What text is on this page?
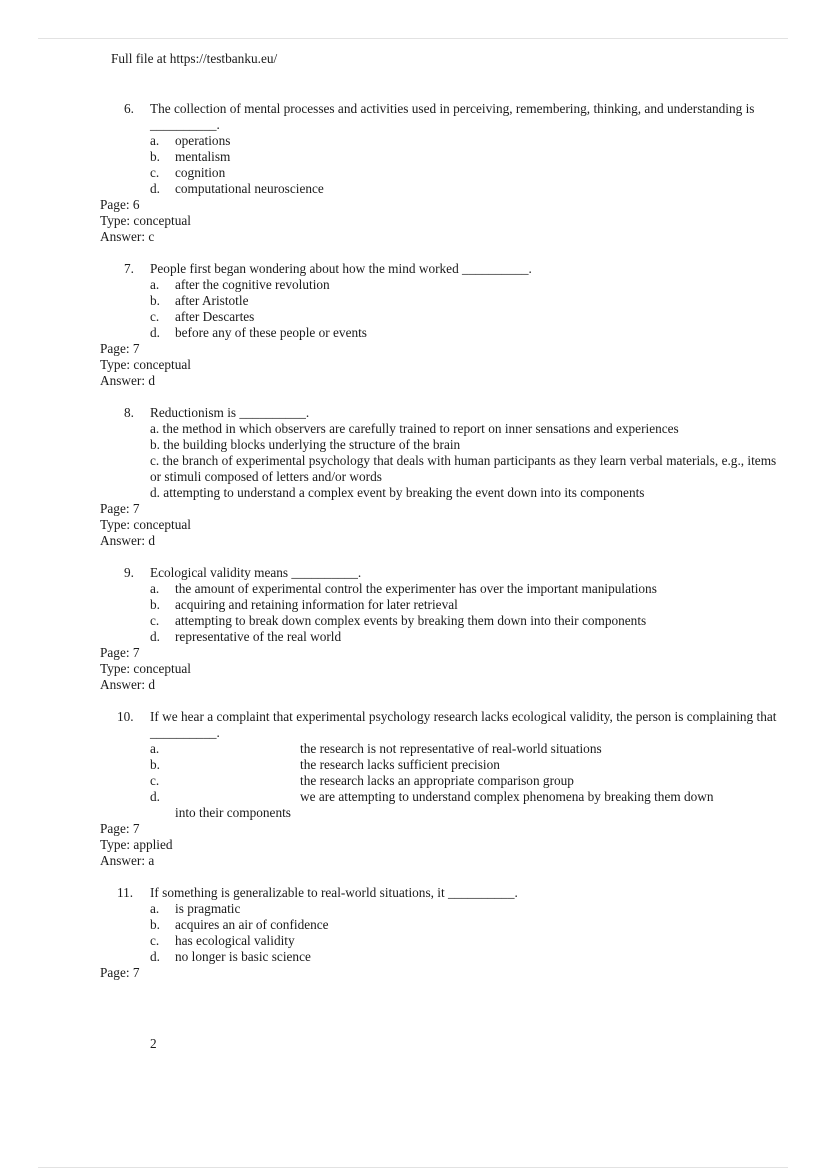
Full file at https://testbanku.eu/
6.	The collection of mental processes and activities used in perceiving, remembering, thinking, and understanding is __________.
a. operations
b. mentalism
c. cognition
d. computational neuroscience
Page: 6
Type: conceptual
Answer: c
7.	People first began wondering about how the mind worked __________.
a. after the cognitive revolution
b. after Aristotle
c. after Descartes
d. before any of these people or events
Page: 7
Type: conceptual
Answer: d
8.	Reductionism is __________.
a. the method in which observers are carefully trained to report on inner sensations and experiences
b. the building blocks underlying the structure of the brain
c. the branch of experimental psychology that deals with human participants as they learn verbal materials, e.g., items or stimuli composed of letters and/or words
d. attempting to understand a complex event by breaking the event down into its components
Page: 7
Type: conceptual
Answer: d
9.	Ecological validity means __________.
a. the amount of experimental control the experimenter has over the important manipulations
b. acquiring and retaining information for later retrieval
c. attempting to break down complex events by breaking them down into their components
d. representative of the real world
Page: 7
Type: conceptual
Answer: d
10.	If we hear a complaint that experimental psychology research lacks ecological validity, the person is complaining that __________.
a.	the research is not representative of real-world situations
b.	the research lacks sufficient precision
c.	the research lacks an appropriate comparison group
d.	we are attempting to understand complex phenomena by breaking them down
into their components
Page: 7
Type: applied
Answer: a
11.	If something is generalizable to real-world situations, it __________.
a. is pragmatic
b. acquires an air of confidence
c. has ecological validity
d. no longer is basic science
Page: 7
2
